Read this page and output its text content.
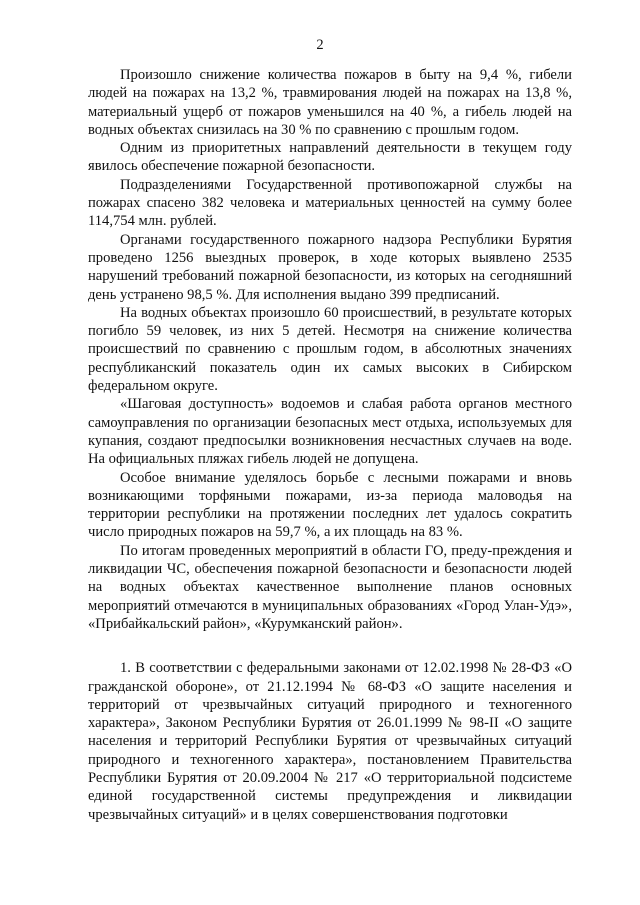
2

Произошло снижение количества пожаров в быту на 9,4 %, гибели людей на пожарах на 13,2 %, травмирования людей на пожарах на 13,8 %, материальный ущерб от пожаров уменьшился на 40 %, а гибель людей на водных объектах снизилась на 30 % по сравнению с прошлым годом.

Одним из приоритетных направлений деятельности в текущем году явилось обеспечение пожарной безопасности.

Подразделениями Государственной противопожарной службы на пожарах спасено 382 человека и материальных ценностей на сумму более 114,754 млн. рублей.

Органами государственного пожарного надзора Республики Бурятия проведено 1256 выездных проверок, в ходе которых выявлено 2535 нарушений требований пожарной безопасности, из которых на сегодняшний день устранено 98,5 %. Для исполнения выдано 399 предписаний.

На водных объектах произошло 60 происшествий, в результате которых погибло 59 человек, из них 5 детей. Несмотря на снижение количества происшествий по сравнению с прошлым годом, в абсолютных значениях республиканский показатель один их самых высоких в Сибирском федеральном округе.

«Шаговая доступность» водоемов и слабая работа органов местного самоуправления по организации безопасных мест отдыха, используемых для купания, создают предпосылки возникновения несчастных случаев на воде. На официальных пляжах гибель людей не допущена.

Особое внимание уделялось борьбе с лесными пожарами и вновь возникающими торфяными пожарами, из-за периода маловодья на территории республики на протяжении последних лет удалось сократить число природных пожаров на 59,7 %, а их площадь на 83 %.

По итогам проведенных мероприятий в области ГО, преду-преждения и ликвидации ЧС, обеспечения пожарной безопасности и безопасности людей на водных объектах качественное выполнение планов основных мероприятий отмечаются в муниципальных образованиях «Город Улан-Удэ», «Прибайкальский район», «Курумканский район».

1. В соответствии с федеральными законами от 12.02.1998 № 28-ФЗ «О гражданской обороне», от 21.12.1994 № 68-ФЗ «О защите населения и территорий от чрезвычайных ситуаций природного и техногенного характера», Законом Республики Бурятия от 26.01.1999 № 98-II «О защите населения и территорий Республики Бурятия от чрезвычайных ситуаций природного и техногенного характера», постановлением Правительства Республики Бурятия от 20.09.2004 № 217 «О территориальной подсистеме единой государственной системы предупреждения и ликвидации чрезвычайных ситуаций» и в целях совершенствования подготовки
